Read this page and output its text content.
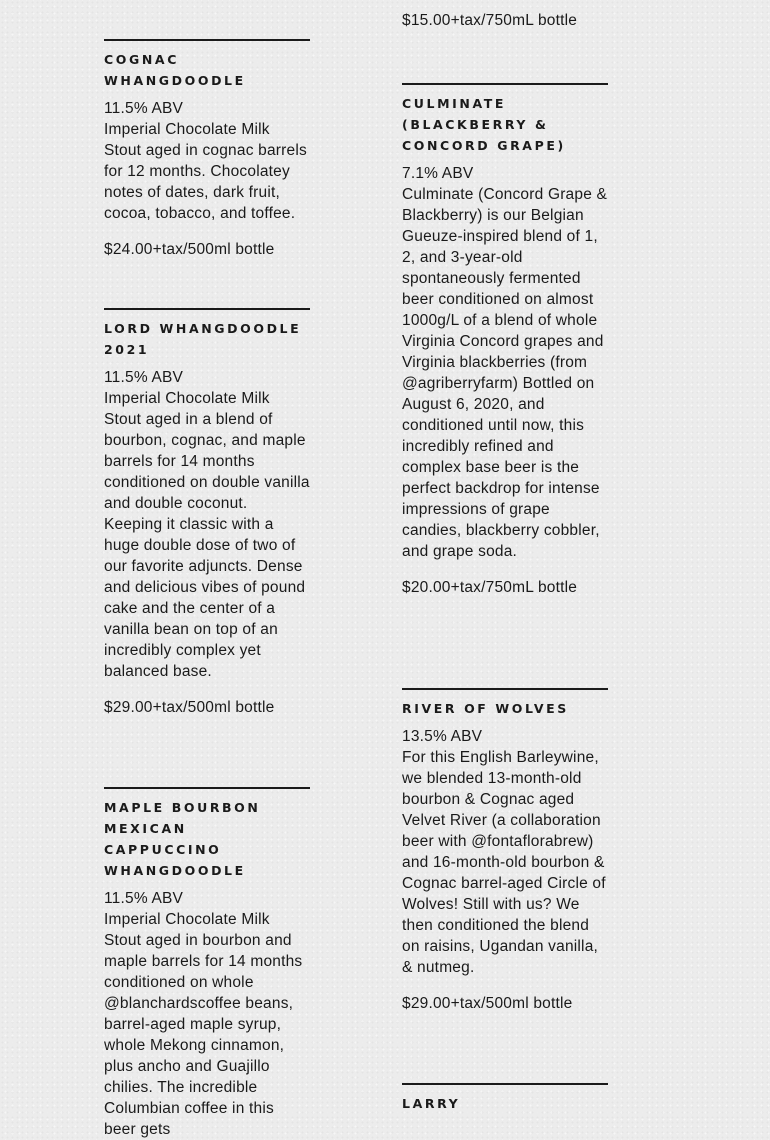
COGNAC WHANGDOODLE
11.5% ABV
Imperial Chocolate Milk Stout aged in cognac barrels for 12 months. Chocolatey notes of dates, dark fruit, cocoa, tobacco, and toffee.
$24.00+tax/500ml bottle
LORD WHANGDOODLE 2021
11.5% ABV
Imperial Chocolate Milk Stout aged in a blend of bourbon, cognac, and maple barrels for 14 months conditioned on double vanilla and double coconut. Keeping it classic with a huge double dose of two of our favorite adjuncts. Dense and delicious vibes of pound cake and the center of a vanilla bean on top of an incredibly complex yet balanced base.
$29.00+tax/500ml bottle
MAPLE BOURBON MEXICAN CAPPUCCINO WHANGDOODLE
11.5% ABV
Imperial Chocolate Milk Stout aged in bourbon and maple barrels for 14 months conditioned on whole @blanchardscoffee beans, barrel-aged maple syrup, whole Mekong cinnamon, plus ancho and Guajillo chilies. The incredible Columbian coffee in this beer gets
$15.00+tax/750mL bottle
CULMINATE (BLACKBERRY & CONCORD GRAPE)
7.1% ABV
Culminate (Concord Grape & Blackberry) is our Belgian Gueuze-inspired blend of 1, 2, and 3-year-old spontaneously fermented beer conditioned on almost 1000g/L of a blend of whole Virginia Concord grapes and Virginia blackberries (from @agriberryfarm) Bottled on August 6, 2020, and conditioned until now, this incredibly refined and complex base beer is the perfect backdrop for intense impressions of grape candies, blackberry cobbler, and grape soda.
$20.00+tax/750mL bottle
RIVER OF WOLVES
13.5% ABV
For this English Barleywine, we blended 13-month-old bourbon & Cognac aged Velvet River (a collaboration beer with @fontaflorabrew) and 16-month-old bourbon & Cognac barrel-aged Circle of Wolves! Still with us? We then conditioned the blend on raisins, Ugandan vanilla, & nutmeg.
$29.00+tax/500ml bottle
LARRY
